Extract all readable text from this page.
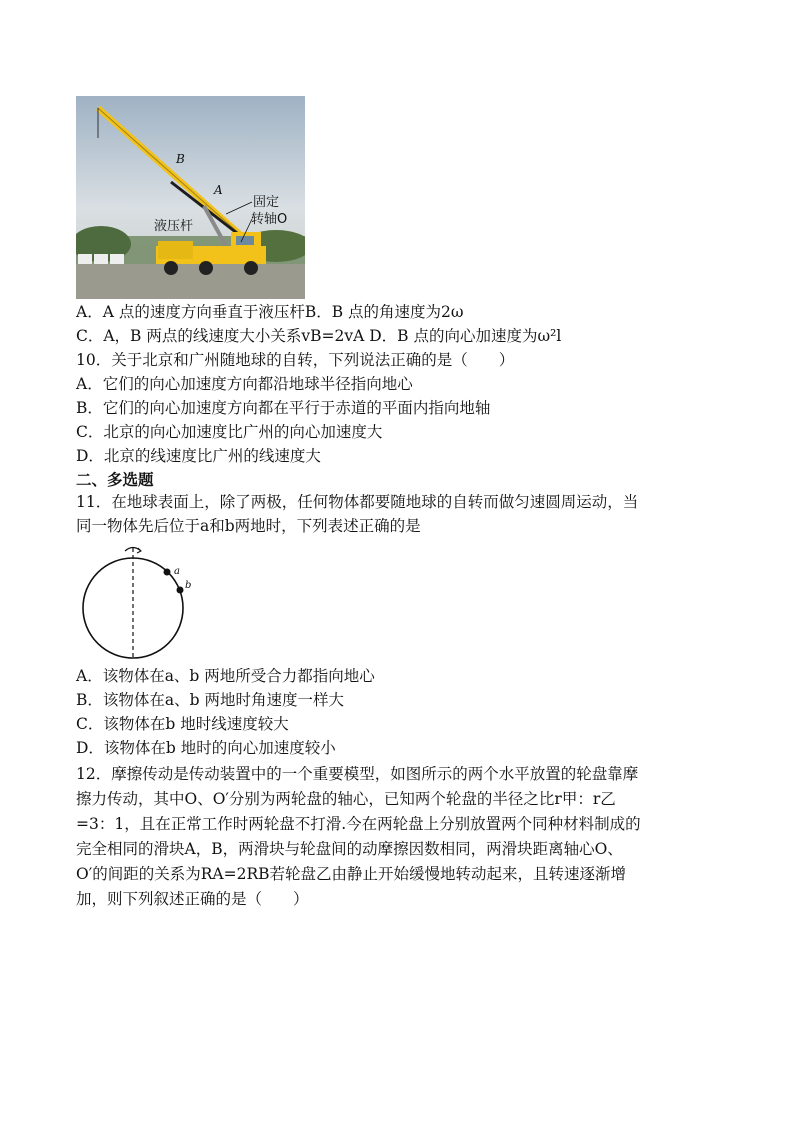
B
A
固定
转轴O
液压杆
A．A 点的速度方向垂直于液压杆B．B 点的角速度为2ω
C．A，B 两点的线速度大小关系vB=2vA D．B 点的向心加速度为ω²l
10．关于北京和广州随地球的自转，下列说法正确的是（　　）
A．它们的向心加速度方向都沿地球半径指向地心
B．它们的向心加速度方向都在平行于赤道的平面内指向地轴
C．北京的向心加速度比广州的向心加速度大
D．北京的线速度比广州的线速度大
二、多选题
11．在地球表面上，除了两极，任何物体都要随地球的自转而做匀速圆周运动，当
同一物体先后位于a和b两地时，下列表述正确的是
a
b
A．该物体在a、b 两地所受合力都指向地心
B．该物体在a、b 两地时角速度一样大
C．该物体在b 地时线速度较大
D．该物体在b 地时的向心加速度较小
12．摩擦传动是传动装置中的一个重要模型，如图所示的两个水平放置的轮盘靠摩
擦力传动，其中O、O′分别为两轮盘的轴心，已知两个轮盘的半径之比r甲：r乙
=3：1，且在正常工作时两轮盘不打滑.今在两轮盘上分别放置两个同种材料制成的
完全相同的滑块A，B，两滑块与轮盘间的动摩擦因数相同，两滑块距离轴心O、
O′的间距的关系为RA=2RB若轮盘乙由静止开始缓慢地转动起来，且转速逐渐增
加，则下列叙述正确的是（　　）
